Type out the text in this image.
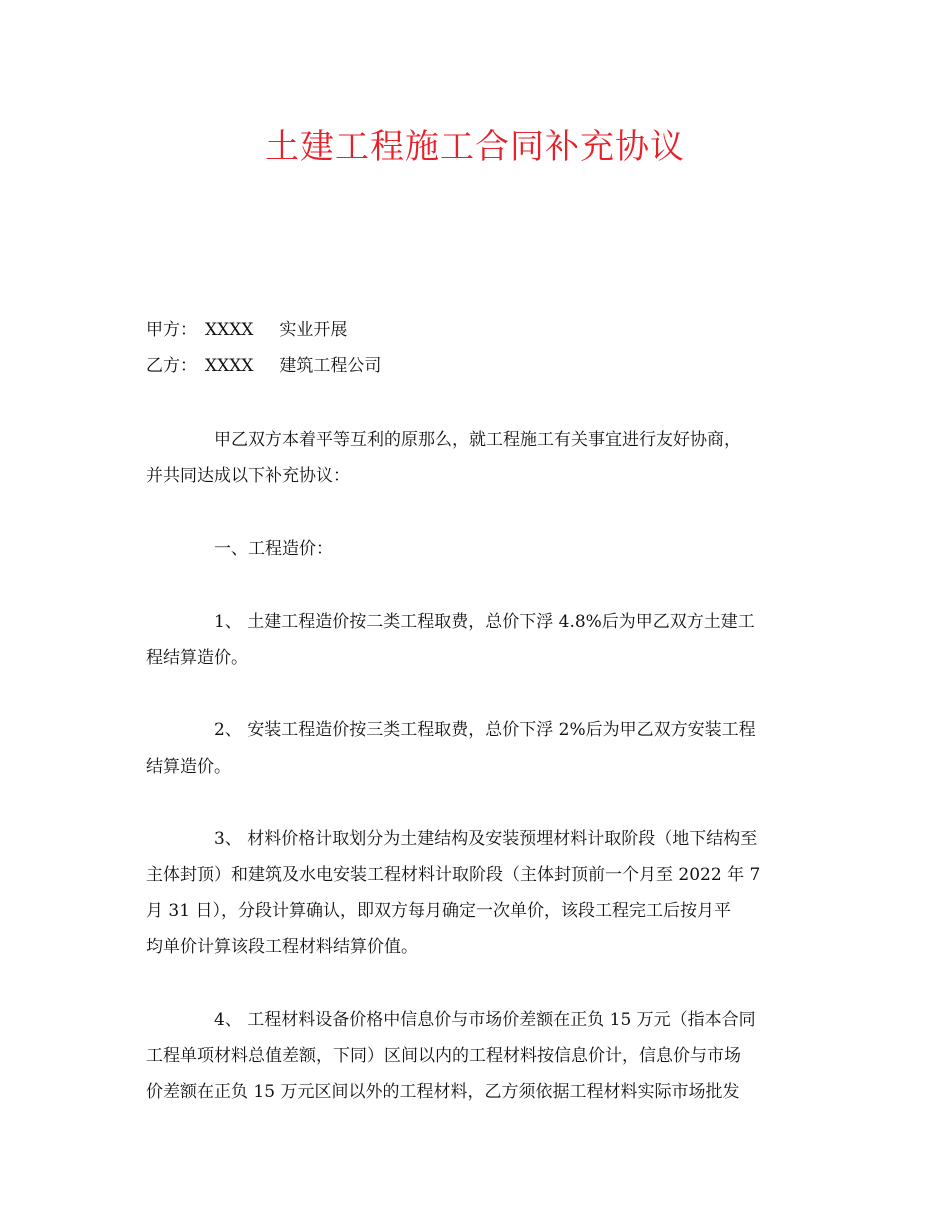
土建工程施工合同补充协议
甲方： XXXX 实业开展
乙方： XXXX 建筑工程公司
甲乙双方本着平等互利的原那么，就工程施工有关事宜进行友好协商，
并共同达成以下补充协议：
一、工程造价：
1、 土建工程造价按二类工程取费，总价下浮 4.8%后为甲乙双方土建工
程结算造价。
2、 安装工程造价按三类工程取费，总价下浮 2%后为甲乙双方安装工程
结算造价。
3、 材料价格计取划分为土建结构及安装预埋材料计取阶段（地下结构至
主体封顶）和建筑及水电安装工程材料计取阶段（主体封顶前一个月至 2022 年 7
月 31 日），分段计算确认，即双方每月确定一次单价，该段工程完工后按月平
均单价计算该段工程材料结算价值。
4、 工程材料设备价格中信息价与市场价差额在正负 15 万元（指本合同
工程单项材料总值差额，下同）区间以内的工程材料按信息价计，信息价与市场
价差额在正负 15 万元区间以外的工程材料，乙方须依据工程材料实际市场批发
